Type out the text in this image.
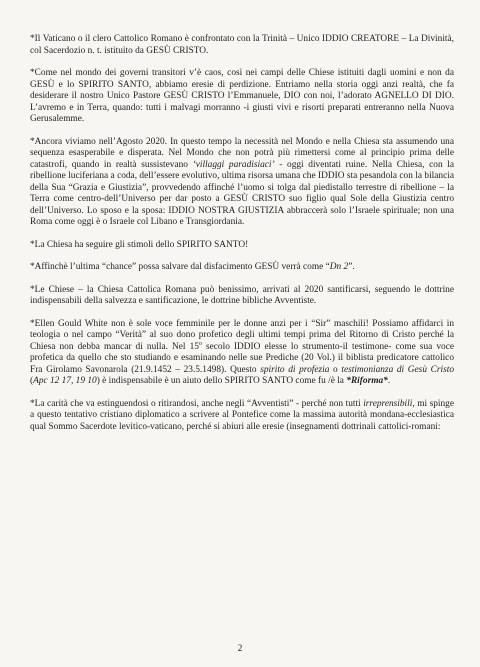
*Il Vaticano o il clero Cattolico Romano è confrontato con la Trinità – Unico IDDIO CREATORE – La Divinità, col Sacerdozio n. t. istituito da GESÙ CRISTO.

*Come nel mondo dei governi transitori v’è caos, così nei campi delle Chiese istituiti dagli uomini e non da GESÙ e lo SPIRITO SANTO, abbiamo eresie di perdizione. Entriamo nella storia oggi anzi realtà, che fa desiderare il nostro Unico Pastore GESÙ CRISTO l’Emmanuele, DIO con noi, l’adorato AGNELLO DI DIO. L’avremo e in Terra, quando: tutti i malvagi morranno -i giusti vivi e risorti preparati entreranno nella Nuova Gerusalemme.

*Ancora viviamo nell’Agosto 2020. In questo tempo la necessità nel Mondo e nella Chiesa sta assumendo una sequenza esasperabile e disperata. Nel Mondo che non potrà più rimettersi come al principio prima delle catastrofi, quando in realtà sussistevano ‘villaggi paradisiaci’ - oggi diventati ruine. Nella Chiesa, con la ribellione luciferiana a coda, dell’essere evolutivo, ultima risorsa umana che IDDIO sta pesandola con la bilancia della Sua “Grazia e Giustizia”, provvedendo affinché l’uomo si tolga dal piedistallo terrestre di ribellione – la Terra come centro-dell’Universo per dar posto a GESÙ CRISTO suo figlio qual Sole della Giustizia centro dell’Universo. Lo sposo e la sposa: IDDIO NOSTRA GIUSTIZIA abbraccerà solo l’Israele spirituale; non una Roma come oggi è o Israele col Libano e Transgiordania.

*La Chiesa ha seguire gli stimoli dello SPIRITO SANTO!

*Affinchè l’ultima “chance” possa salvare dal disfacimento GESÙ verrà come “Dn 2”.

*Le Chiese – la Chiesa Cattolica Romana può benissimo, arrivati al 2020 santificarsi, seguendo le dottrine indispensabili della salvezza e santificazione, le dottrine bibliche Avventiste.

*Ellen Gould White non è sole voce femminile per le donne anzi per i “Sir” maschili! Possiamo affidarci in teologia o nel campo “Verità” al suo dono profetico degli ultimi tempi prima del Ritorno di Cristo perché la Chiesa non debba mancar di nulla. Nel 15$^o$ secolo IDDIO elesse lo strumento-il testimone- come sua voce profetica da quello che sto studiando e esaminando nelle sue Prediche (20 Vol.) il biblista predicatore cattolico Fra Girolamo Savonarola (21.9.1452 – 23.5.1498). Questo spirito di profezia o testimonianza di Gesù Cristo (Apc 12 17, 19 10) è indispensabile è un aiuto dello SPIRITO SANTO come fu /è la *Riforma*.

*La carità che va estinguendosi o ritirandosi, anche negli “Avventisti” - perché non tutti irreprensibili, mi spinge a questo tentativo cristiano diplomatico a scrivere al Pontefice come la massima autorità mondana-ecclesiastica qual Sommo Sacerdote levitico-vaticano, perché si abiuri alle eresie (insegnamenti dottrinali cattolici-romani:

2
